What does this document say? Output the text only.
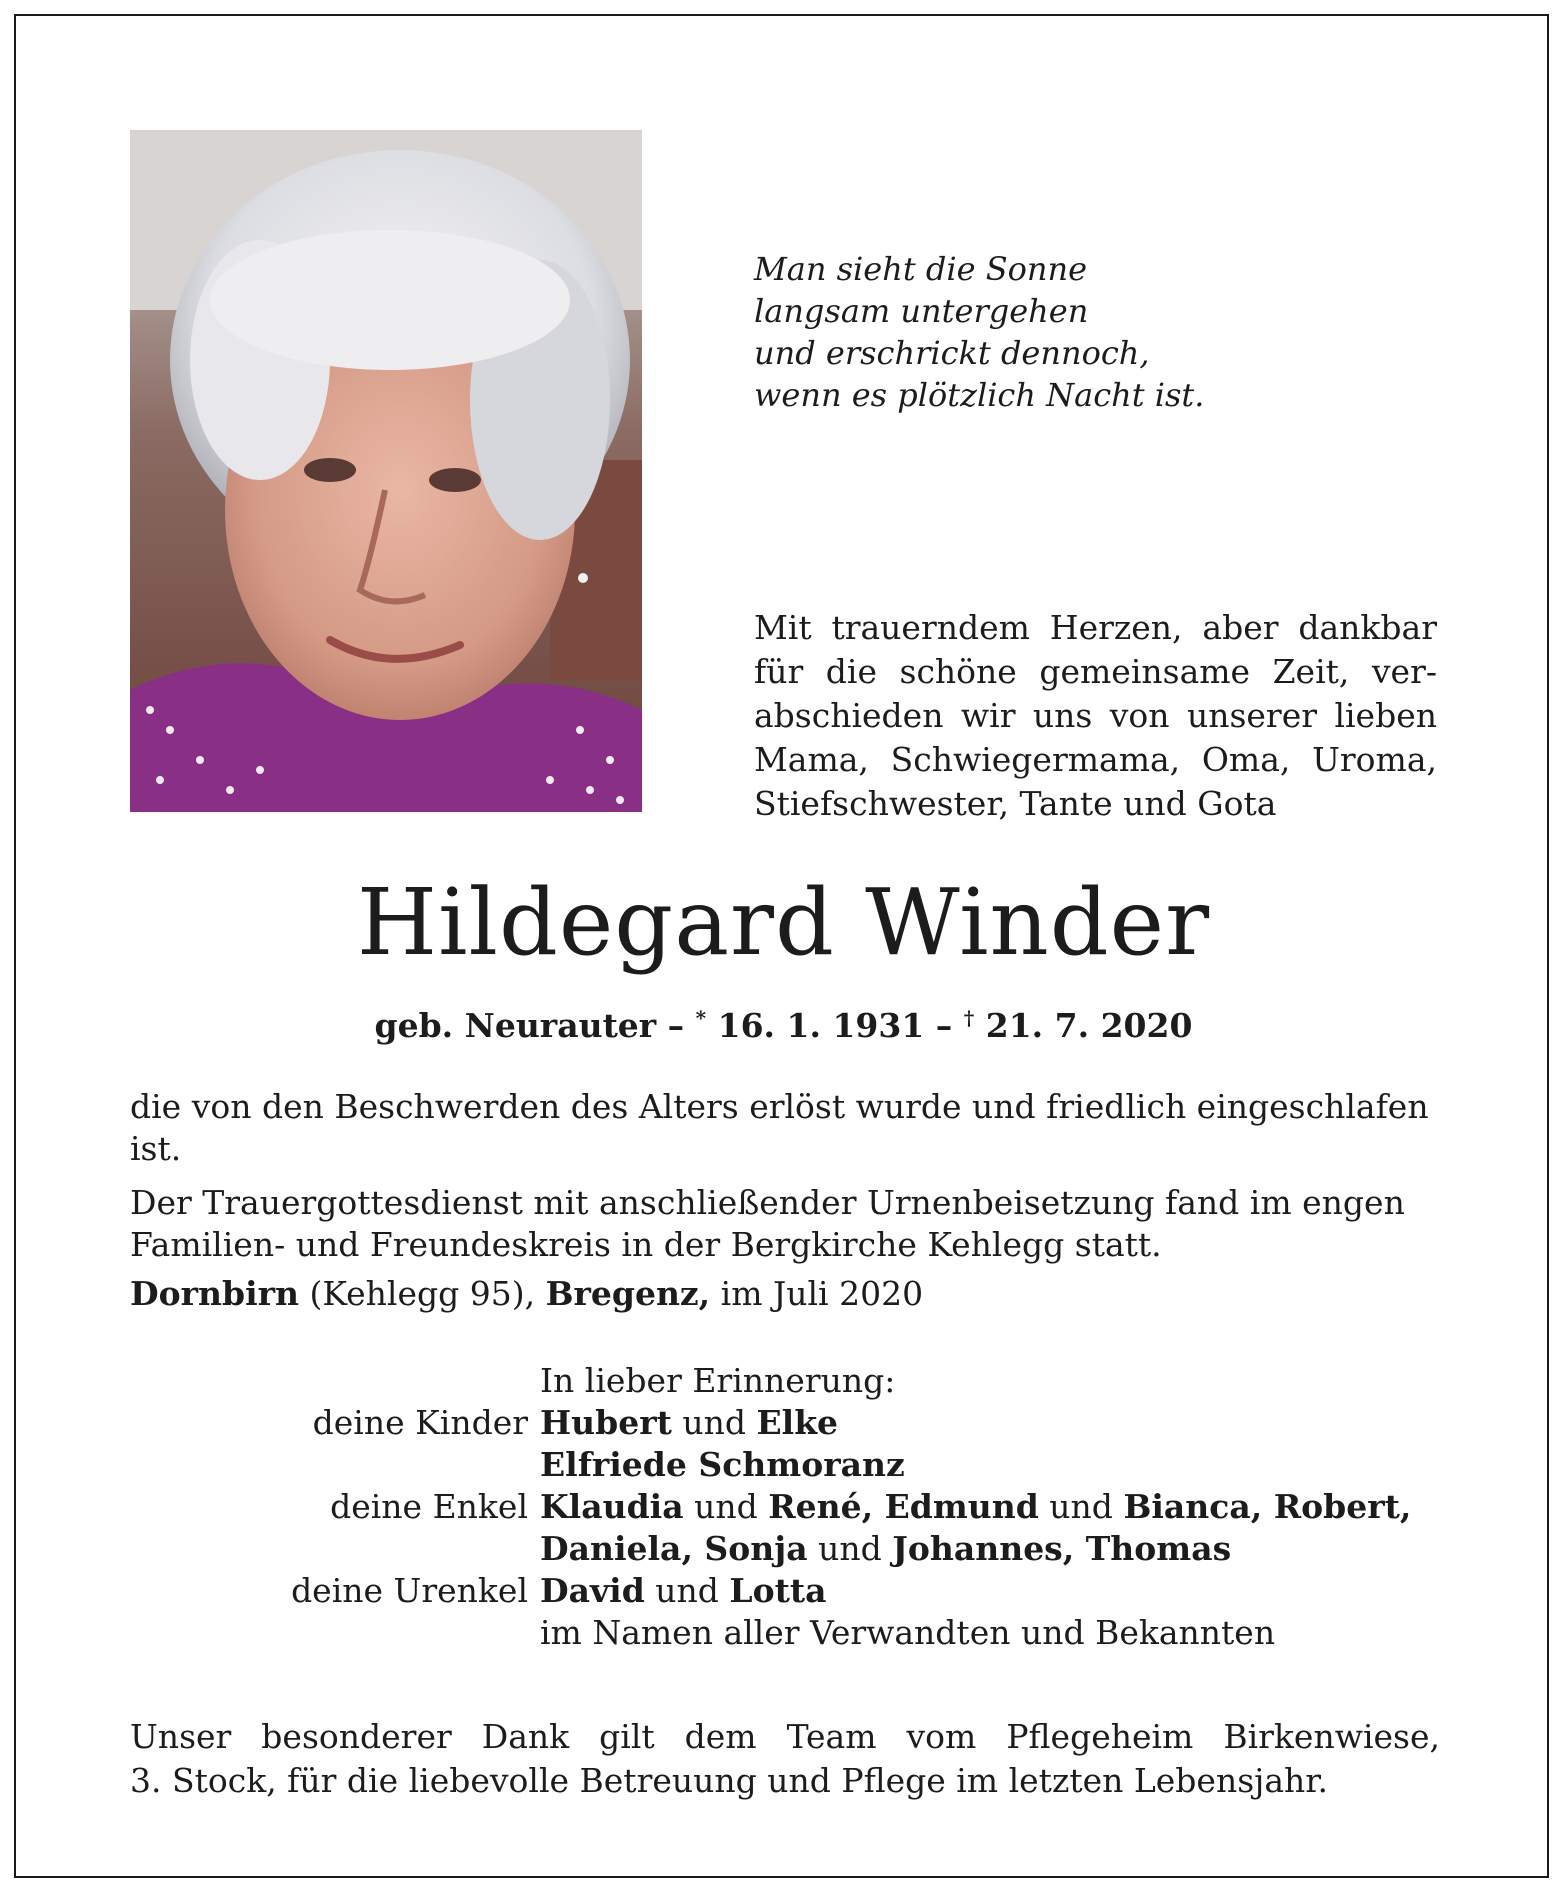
Man sieht die Sonne
langsam untergehen
und erschrickt dennoch,
wenn es plötzlich Nacht ist.
Mit trauerndem Herzen, aber dankbar
für die schöne gemeinsame Zeit, ver-
abschieden wir uns von unserer lieben
Mama, Schwiegermama, Oma, Uroma,
Stiefschwester, Tante und Gota
Hildegard Winder
geb. Neurauter – * 16. 1. 1931 – † 21. 7. 2020

die von den Beschwerden des Alters erlöst wurde und friedlich eingeschlafen ist.

Der Trauergottesdienst mit anschließender Urnenbeisetzung fand im engen Familien- und Freundeskreis in der Bergkirche Kehlegg statt.

Dornbirn (Kehlegg 95), Bregenz, im Juli 2020
In lieber Erinnerung:
deine Kinder Hubert und Elke
Elfriede Schmoranz
deine Enkel Klaudia und René, Edmund und Bianca, Robert,
Daniela, Sonja und Johannes, Thomas
deine Urenkel David und Lotta
im Namen aller Verwandten und Bekannten
Unser besonderer Dank gilt dem Team vom Pflegeheim Birkenwiese,
3. Stock, für die liebevolle Betreuung und Pflege im letzten Lebensjahr.
